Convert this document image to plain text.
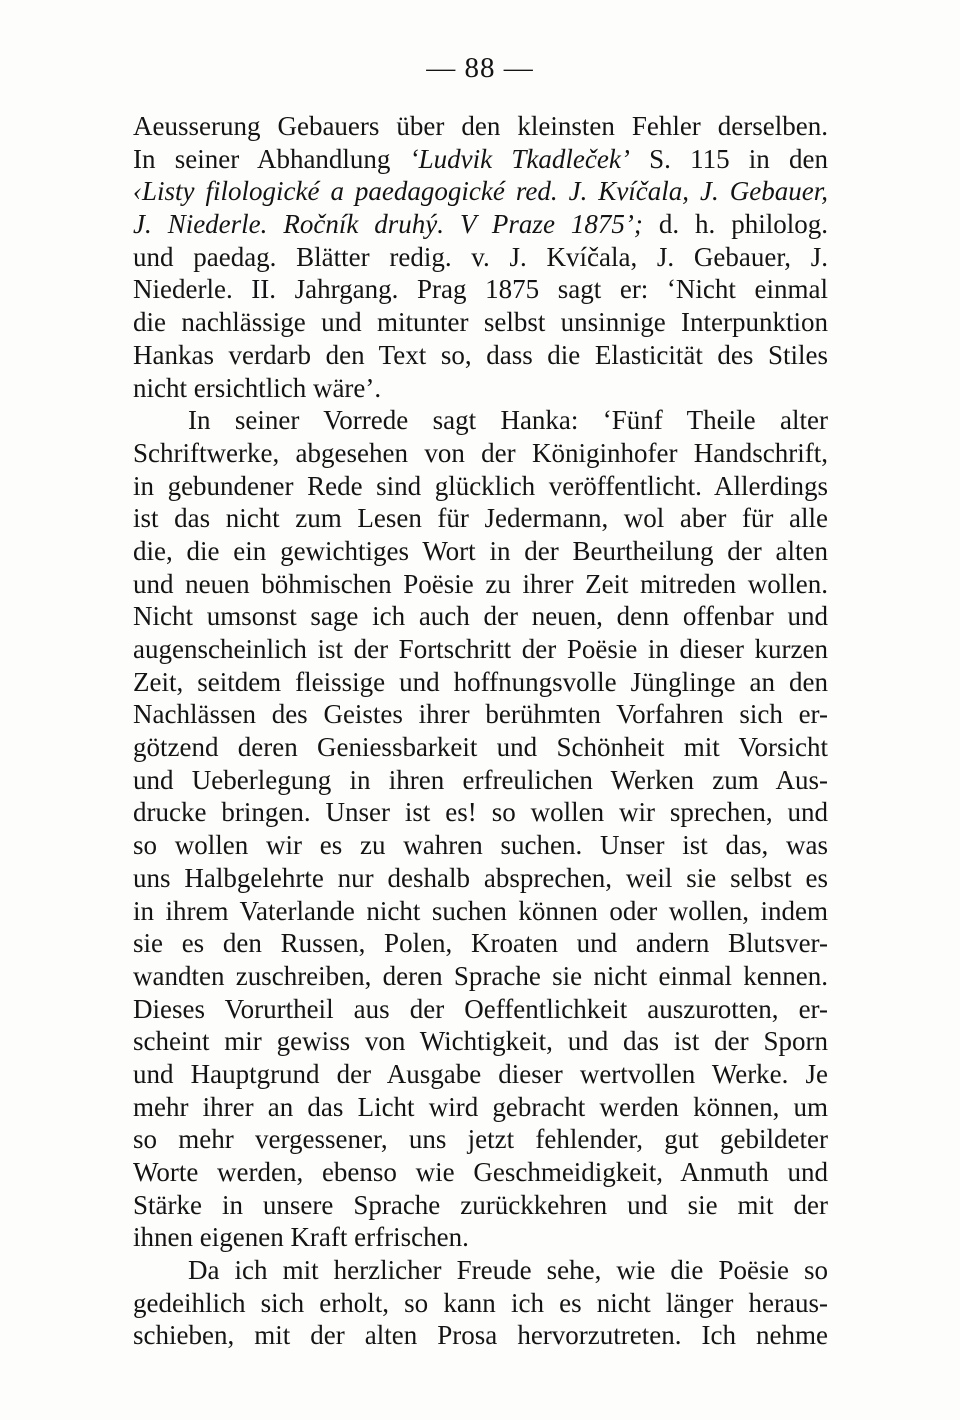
— 88 —
Aeusserung Gebauers über den kleinsten Fehler derselben.
In seiner Abhandlung ‘Ludvik Tkadleček’ S. 115 in den
‹Listy filologické a paedagogické red. J. Kvíčala, J. Gebauer,
J. Niederle. Ročník druhý. V Praze 1875’; d. h. philolog.
und paedag. Blätter redig. v. J. Kvíčala, J. Gebauer, J.
Niederle. II. Jahrgang. Prag 1875 sagt er: ‘Nicht einmal
die nachlässige und mitunter selbst unsinnige Interpunktion
Hankas verdarb den Text so, dass die Elasticität des Stiles
nicht ersichtlich wäre’.
In seiner Vorrede sagt Hanka: ‘Fünf Theile alter
Schriftwerke, abgesehen von der Königinhofer Handschrift,
in gebundener Rede sind glücklich veröffentlicht. Allerdings
ist das nicht zum Lesen für Jedermann, wol aber für alle
die, die ein gewichtiges Wort in der Beurtheilung der alten
und neuen böhmischen Poësie zu ihrer Zeit mitreden wollen.
Nicht umsonst sage ich auch der neuen, denn offenbar und
augenscheinlich ist der Fortschritt der Poësie in dieser kurzen
Zeit, seitdem fleissige und hoffnungsvolle Jünglinge an den
Nachlässen des Geistes ihrer berühmten Vorfahren sich er-
götzend deren Geniessbarkeit und Schönheit mit Vorsicht
und Ueberlegung in ihren erfreulichen Werken zum Aus-
drucke bringen. Unser ist es! so wollen wir sprechen, und
so wollen wir es zu wahren suchen. Unser ist das, was
uns Halbgelehrte nur deshalb absprechen, weil sie selbst es
in ihrem Vaterlande nicht suchen können oder wollen, indem
sie es den Russen, Polen, Kroaten und andern Blutsver-
wandten zuschreiben, deren Sprache sie nicht einmal kennen.
Dieses Vorurtheil aus der Oeffentlichkeit auszurotten, er-
scheint mir gewiss von Wichtigkeit, und das ist der Sporn
und Hauptgrund der Ausgabe dieser wertvollen Werke. Je
mehr ihrer an das Licht wird gebracht werden können, um
so mehr vergessener, uns jetzt fehlender, gut gebildeter
Worte werden, ebenso wie Geschmeidigkeit, Anmuth und
Stärke in unsere Sprache zurückkehren und sie mit der
ihnen eigenen Kraft erfrischen.
Da ich mit herzlicher Freude sehe, wie die Poësie so
gedeihlich sich erholt, so kann ich es nicht länger heraus-
schieben, mit der alten Prosa hervorzutreten. Ich nehme
